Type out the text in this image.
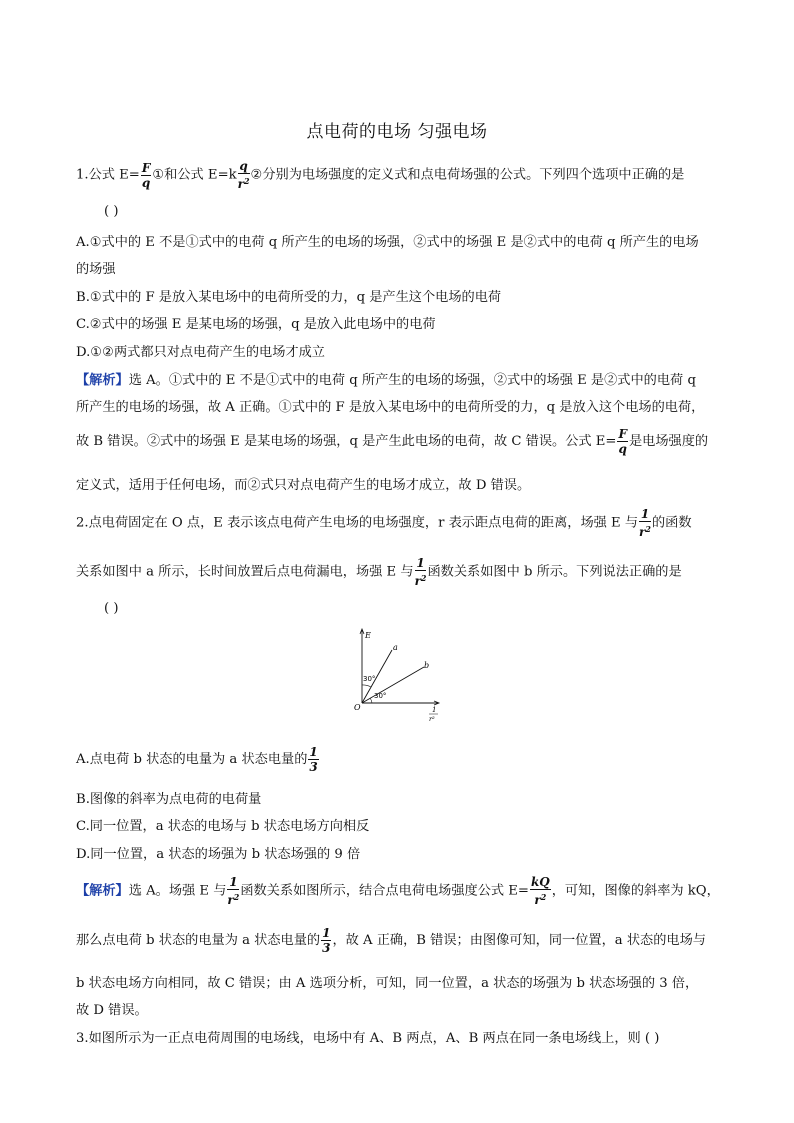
点电荷的电场 匀强电场
1.公式 $E= \frac{F}{q}$ ①和公式 $E=k \frac{q}{r^2}$ ②分别为电场强度的定义式和点电荷场强的公式。下列四个选项中正确的是
( )
A.①式中的 E 不是①式中的电荷 q 所产生的电场的场强，②式中的场强 E 是②式中的电荷 q 所产生的电场
的场强
B.①式中的 F 是放入某电场中的电荷所受的力，q 是产生这个电场的电荷
C.②式中的场强 E 是某电场的场强，q 是放入此电场中的电荷
D.①②两式都只对点电荷产生的电场才成立
【解析】选 A。①式中的 E 不是①式中的电荷 q 所产生的电场的场强，②式中的场强 E 是②式中的电荷 q
所产生的电场的场强，故 A 正确。①式中的 F 是放入某电场中的电荷所受的力，q 是放入这个电场的电荷，
故 B 错误。②式中的场强 E 是某电场的场强，q 是产生此电场的电荷，故 C 错误。公式 $E= \frac{F}{q}$ 是电场强度的
定义式，适用于任何电场，而②式只对点电荷产生的电场才成立，故 D 错误。
2.点电荷固定在 O 点，E 表示该点电荷产生电场的电场强度，r 表示距点电荷的距离，场强 E 与 $\frac{1}{r^2}$ 的函数
关系如图中 a 所示，长时间放置后点电荷漏电，场强 E 与 $\frac{1}{r^2}$ 函数关系如图中 b 所示。下列说法正确的是
( )
E
a
b
30°
30°
O	1
r²
A.点电荷 b 状态的电量为 a 状态电量的 $\frac{1}{3}$
B.图像的斜率为点电荷的电荷量
C.同一位置，a 状态的电场与 b 状态电场方向相反
D.同一位置，a 状态的场强为 b 状态场强的 9 倍
【解析】选 A。场强 E 与 $\frac{1}{r^2}$ 函数关系如图所示，结合点电荷电场强度公式 $E= \frac{kQ}{r^2}$ ，可知，图像的斜率为 kQ，
那么点电荷 b 状态的电量为 a 状态电量的 $\frac{1}{3}$ ，故 A 正确，B 错误；由图像可知，同一位置，a 状态的电场与
b 状态电场方向相同，故 C 错误；由 A 选项分析，可知，同一位置，a 状态的场强为 b 状态场强的 3 倍，
故 D 错误。
3.如图所示为一正点电荷周围的电场线，电场中有 A、B 两点，A、B 两点在同一条电场线上，则 ( )
